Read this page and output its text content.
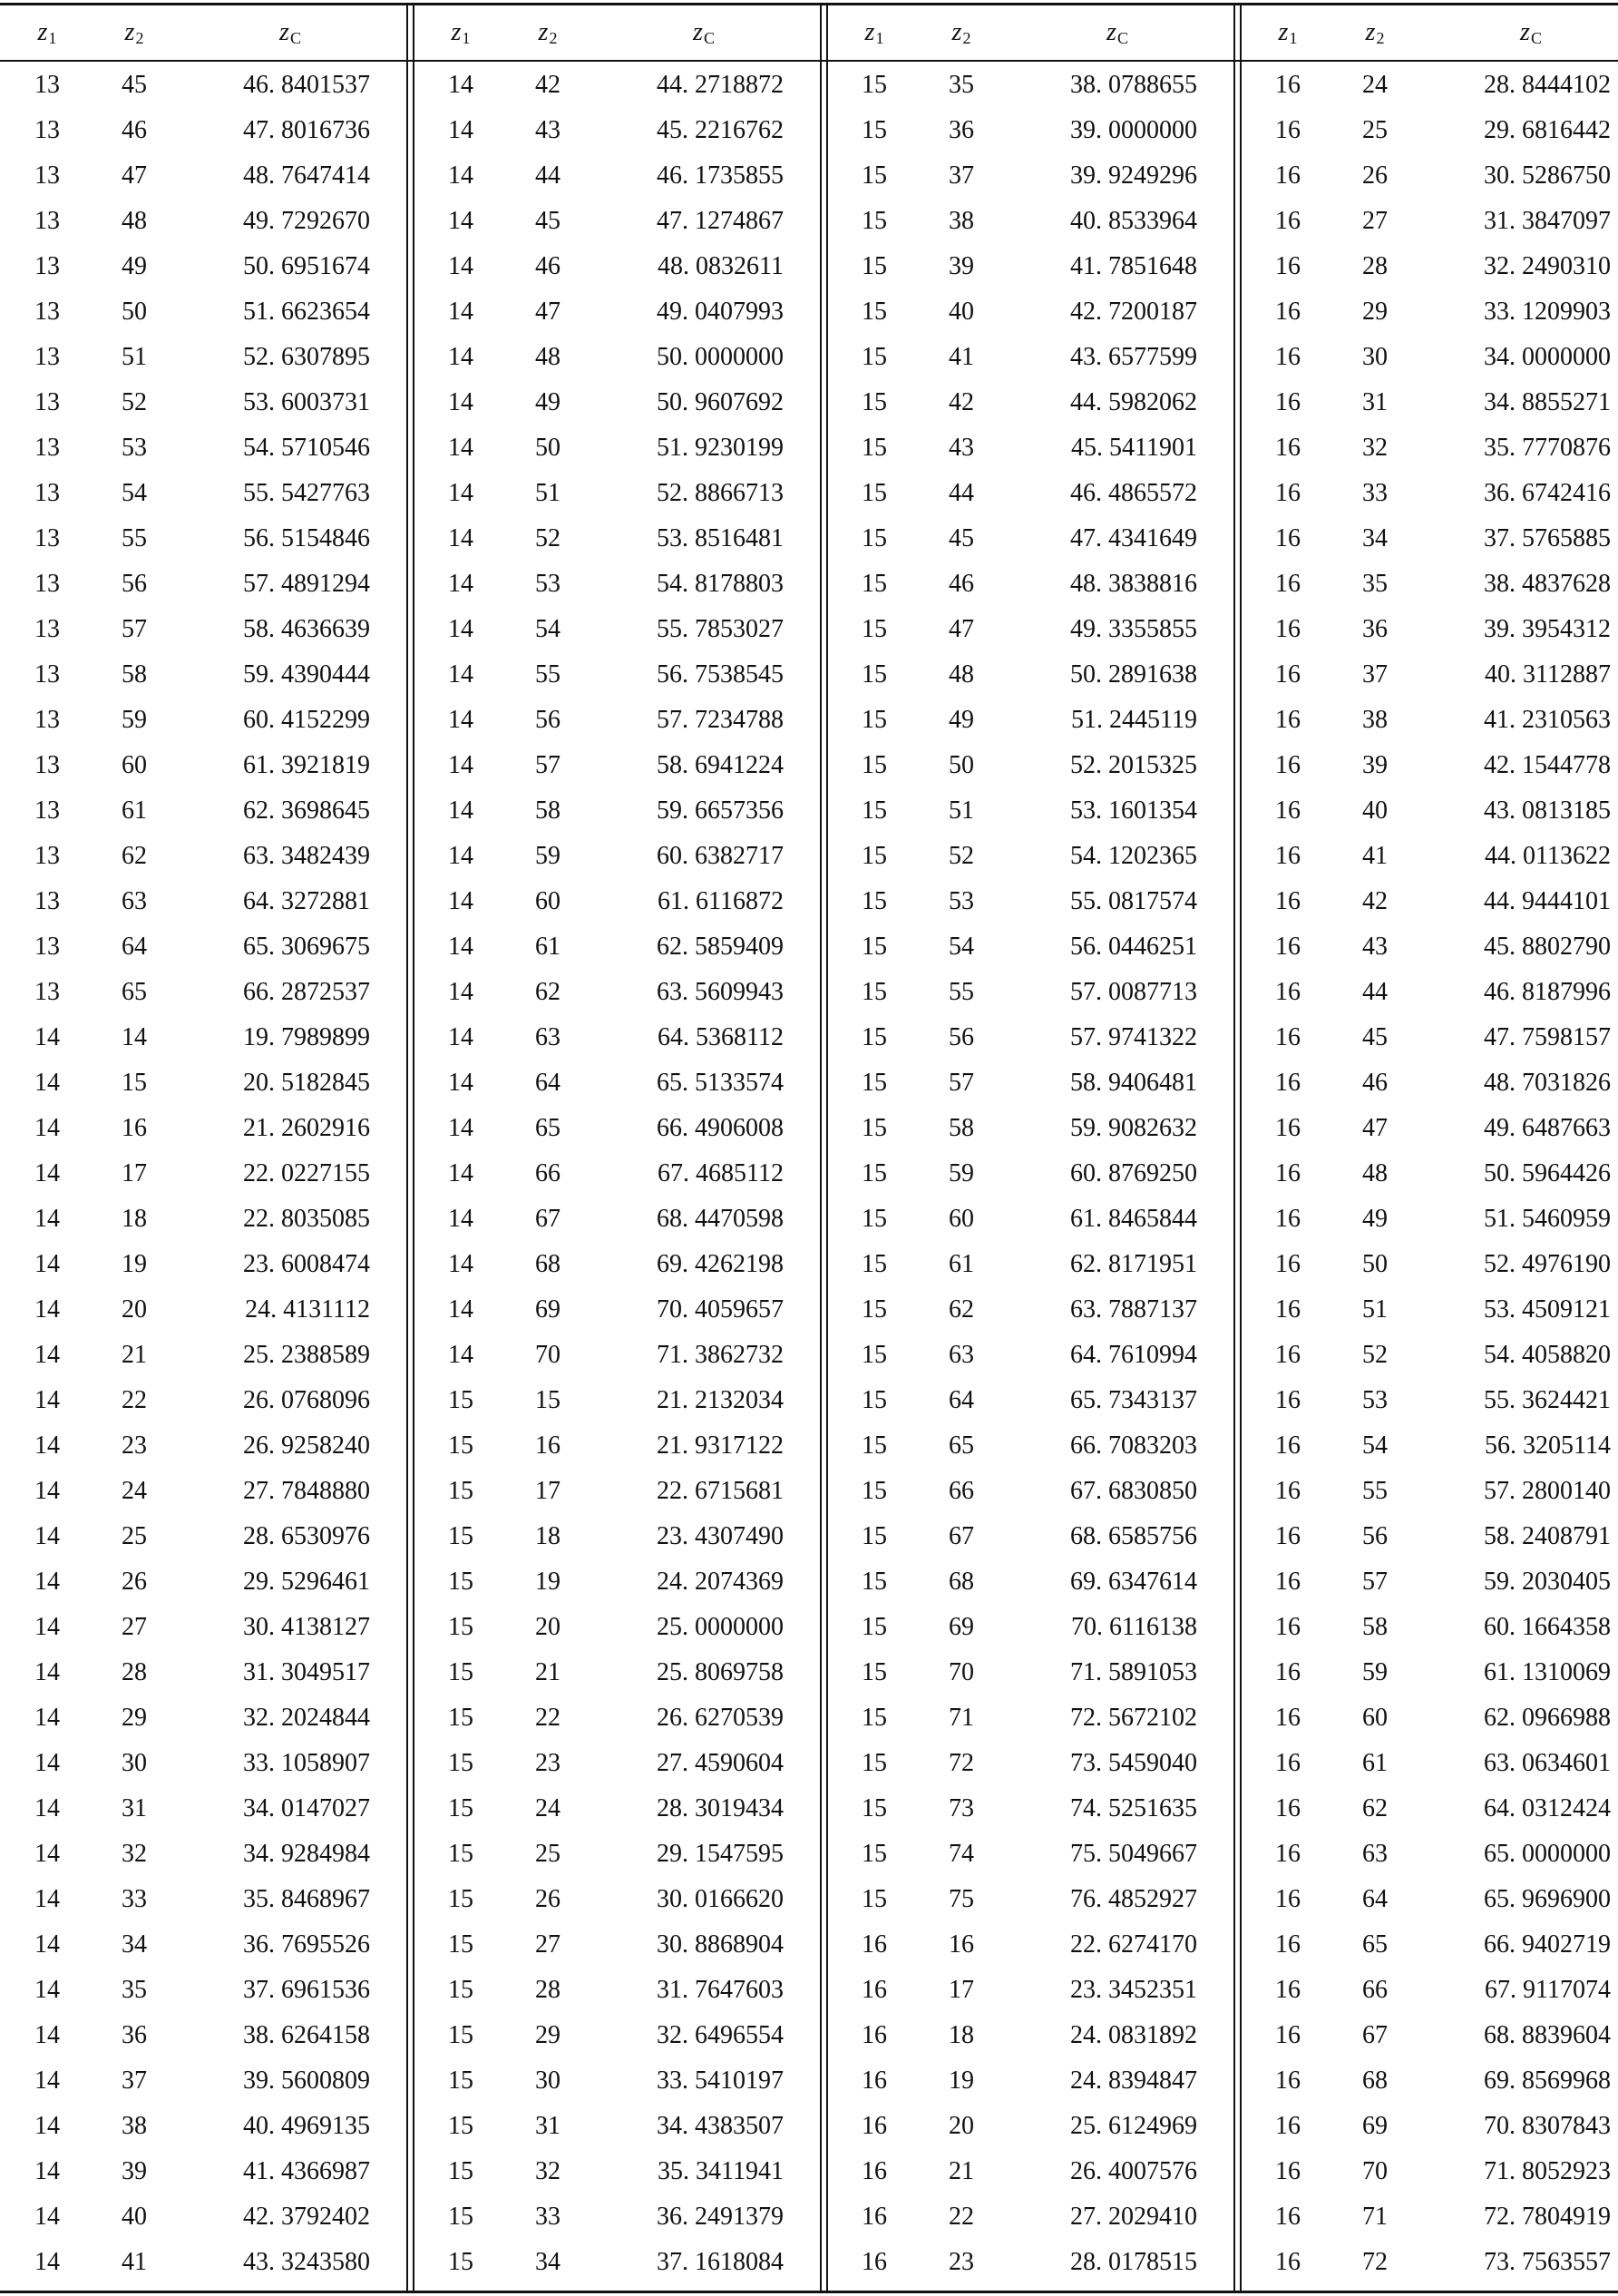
$z_1$	$z_2$	$z_C$
13	45	46. 8401537
13	46	47. 8016736
13	47	48. 7647414
13	48	49. 7292670
13	49	50. 6951674
13	50	51. 6623654
13	51	52. 6307895
13	52	53. 6003731
13	53	54. 5710546
13	54	55. 5427763
13	55	56. 5154846
13	56	57. 4891294
13	57	58. 4636639
13	58	59. 4390444
13	59	60. 4152299
13	60	61. 3921819
13	61	62. 3698645
13	62	63. 3482439
13	63	64. 3272881
13	64	65. 3069675
13	65	66. 2872537
14	14	19. 7989899
14	15	20. 5182845
14	16	21. 2602916
14	17	22. 0227155
14	18	22. 8035085
14	19	23. 6008474
14	20	24. 4131112
14	21	25. 2388589
14	22	26. 0768096
14	23	26. 9258240
14	24	27. 7848880
14	25	28. 6530976
14	26	29. 5296461
14	27	30. 4138127
14	28	31. 3049517
14	29	32. 2024844
14	30	33. 1058907
14	31	34. 0147027
14	32	34. 9284984
14	33	35. 8468967
14	34	36. 7695526
14	35	37. 6961536
14	36	38. 6264158
14	37	39. 5600809
14	38	40. 4969135
14	39	41. 4366987
14	40	42. 3792402
14	41	43. 3243580
$z_1$	$z_2$	$z_C$
14	42	44. 2718872
14	43	45. 2216762
14	44	46. 1735855
14	45	47. 1274867
14	46	48. 0832611
14	47	49. 0407993
14	48	50. 0000000
14	49	50. 9607692
14	50	51. 9230199
14	51	52. 8866713
14	52	53. 8516481
14	53	54. 8178803
14	54	55. 7853027
14	55	56. 7538545
14	56	57. 7234788
14	57	58. 6941224
14	58	59. 6657356
14	59	60. 6382717
14	60	61. 6116872
14	61	62. 5859409
14	62	63. 5609943
14	63	64. 5368112
14	64	65. 5133574
14	65	66. 4906008
14	66	67. 4685112
14	67	68. 4470598
14	68	69. 4262198
14	69	70. 4059657
14	70	71. 3862732
15	15	21. 2132034
15	16	21. 9317122
15	17	22. 6715681
15	18	23. 4307490
15	19	24. 2074369
15	20	25. 0000000
15	21	25. 8069758
15	22	26. 6270539
15	23	27. 4590604
15	24	28. 3019434
15	25	29. 1547595
15	26	30. 0166620
15	27	30. 8868904
15	28	31. 7647603
15	29	32. 6496554
15	30	33. 5410197
15	31	34. 4383507
15	32	35. 3411941
15	33	36. 2491379
15	34	37. 1618084
$z_1$	$z_2$	$z_C$
15	35	38. 0788655
15	36	39. 0000000
15	37	39. 9249296
15	38	40. 8533964
15	39	41. 7851648
15	40	42. 7200187
15	41	43. 6577599
15	42	44. 5982062
15	43	45. 5411901
15	44	46. 4865572
15	45	47. 4341649
15	46	48. 3838816
15	47	49. 3355855
15	48	50. 2891638
15	49	51. 2445119
15	50	52. 2015325
15	51	53. 1601354
15	52	54. 1202365
15	53	55. 0817574
15	54	56. 0446251
15	55	57. 0087713
15	56	57. 9741322
15	57	58. 9406481
15	58	59. 9082632
15	59	60. 8769250
15	60	61. 8465844
15	61	62. 8171951
15	62	63. 7887137
15	63	64. 7610994
15	64	65. 7343137
15	65	66. 7083203
15	66	67. 6830850
15	67	68. 6585756
15	68	69. 6347614
15	69	70. 6116138
15	70	71. 5891053
15	71	72. 5672102
15	72	73. 5459040
15	73	74. 5251635
15	74	75. 5049667
15	75	76. 4852927
16	16	22. 6274170
16	17	23. 3452351
16	18	24. 0831892
16	19	24. 8394847
16	20	25. 6124969
16	21	26. 4007576
16	22	27. 2029410
16	23	28. 0178515
$z_1$	$z_2$	$z_C$
16	24	28. 8444102
16	25	29. 6816442
16	26	30. 5286750
16	27	31. 3847097
16	28	32. 2490310
16	29	33. 1209903
16	30	34. 0000000
16	31	34. 8855271
16	32	35. 7770876
16	33	36. 6742416
16	34	37. 5765885
16	35	38. 4837628
16	36	39. 3954312
16	37	40. 3112887
16	38	41. 2310563
16	39	42. 1544778
16	40	43. 0813185
16	41	44. 0113622
16	42	44. 9444101
16	43	45. 8802790
16	44	46. 8187996
16	45	47. 7598157
16	46	48. 7031826
16	47	49. 6487663
16	48	50. 5964426
16	49	51. 5460959
16	50	52. 4976190
16	51	53. 4509121
16	52	54. 4058820
16	53	55. 3624421
16	54	56. 3205114
16	55	57. 2800140
16	56	58. 2408791
16	57	59. 2030405
16	58	60. 1664358
16	59	61. 1310069
16	60	62. 0966988
16	61	63. 0634601
16	62	64. 0312424
16	63	65. 0000000
16	64	65. 9696900
16	65	66. 9402719
16	66	67. 9117074
16	67	68. 8839604
16	68	69. 8569968
16	69	70. 8307843
16	70	71. 8052923
16	71	72. 7804919
16	72	73. 7563557
